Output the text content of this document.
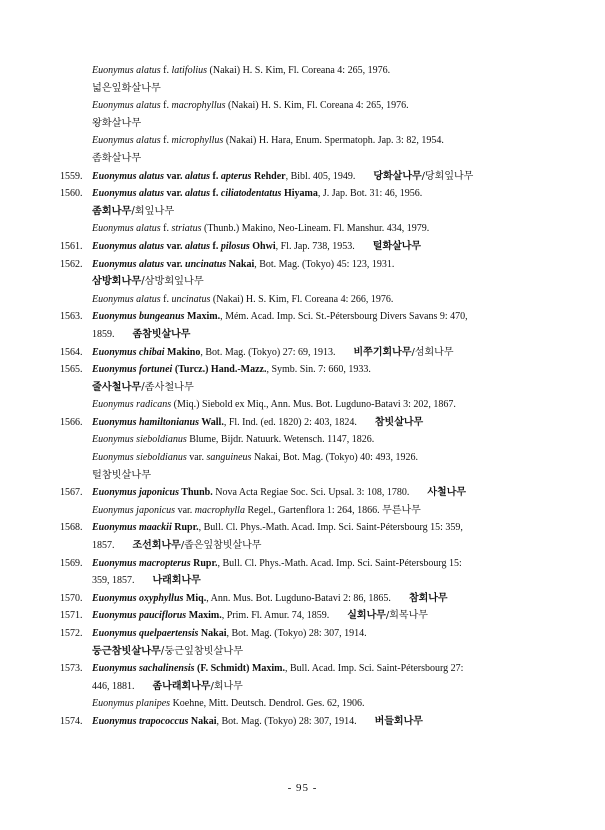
Euonymus alatus f. latifolius (Nakai) H. S. Kim, Fl. Coreana 4: 265, 1976.
넓은잎화살나무
Euonymus alatus f. macrophyllus (Nakai) H. S. Kim, Fl. Coreana 4: 265, 1976.
왕화살나무
Euonymus alatus f. microphyllus (Nakai) H. Hara, Enum. Spermatoph. Jap. 3: 82, 1954.
좀화살나무
1559. Euonymus alatus var. alatus f. apterus Rehder, Bibl. 405, 1949. 당화살나무/당회잎나무
1560. Euonymus alatus var. alatus f. ciliatodentatus Hiyama, J. Jap. Bot. 31: 46, 1956.
좀회나무/회잎나무
Euonymus alatus f. striatus (Thunb.) Makino, Neo-Lineam. Fl. Manshur. 434, 1979.
1561. Euonymus alatus var. alatus f. pilosus Ohwi, Fl. Jap. 738, 1953. 털화살나무
1562. Euonymus alatus var. uncinatus Nakai, Bot. Mag. (Tokyo) 45: 123, 1931.
삼방회나무/삼방회잎나무
Euonymus alatus f. uncinatus (Nakai) H. S. Kim, Fl. Coreana 4: 266, 1976.
1563. Euonymus bungeanus Maxim., Mém. Acad. Imp. Sci. St.-Pétersbourg Divers Savans 9: 470,
1859. 좀참빗살나무
1564. Euonymus chibai Makino, Bot. Mag. (Tokyo) 27: 69, 1913. 비쭈기회나무/섬회나무
1565. Euonymus fortunei (Turcz.) Hand.-Mazz., Symb. Sin. 7: 660, 1933.
줄사철나무/좀사철나무
Euonymus radicans (Miq.) Siebold ex Miq., Ann. Mus. Bot. Lugduno-Batavi 3: 202, 1867.
1566. Euonymus hamiltonianus Wall., Fl. Ind. (ed. 1820) 2: 403, 1824. 참빗살나무
Euonymus sieboldianus Blume, Bijdr. Natuurk. Wetensch. 1147, 1826.
Euonymus sieboldianus var. sanguineus Nakai, Bot. Mag. (Tokyo) 40: 493, 1926.
털참빗살나무
1567. Euonymus japonicus Thunb. Nova Acta Regiae Soc. Sci. Upsal. 3: 108, 1780. 사철나무
Euonymus japonicus var. macrophylla Regel., Gartenflora 1: 264, 1866. 무른나무
1568. Euonymus maackii Rupr., Bull. Cl. Phys.-Math. Acad. Imp. Sci. Saint-Pétersbourg 15: 359,
1857. 조선회나무/좁은잎참빗살나무
1569. Euonymus macropterus Rupr., Bull. Cl. Phys.-Math. Acad. Imp. Sci. Saint-Pétersbourg 15:
359, 1857. 나래회나무
1570. Euonymus oxyphyllus Miq., Ann. Mus. Bot. Lugduno-Batavi 2: 86, 1865. 참회나무
1571. Euonymus pauciflorus Maxim., Prim. Fl. Amur. 74, 1859. 실회나무/회목나무
1572. Euonymus quelpaertensis Nakai, Bot. Mag. (Tokyo) 28: 307, 1914.
둥근참빗살나무/둥근잎참빗살나무
1573. Euonymus sachalinensis (F. Schmidt) Maxim., Bull. Acad. Imp. Sci. Saint-Pétersbourg 27:
446, 1881. 좀나래회나무/회나무
Euonymus planipes Koehne, Mitt. Deutsch. Dendrol. Ges. 62, 1906.
1574. Euonymus trapococcus Nakai, Bot. Mag. (Tokyo) 28: 307, 1914. 버들회나무
- 95 -
